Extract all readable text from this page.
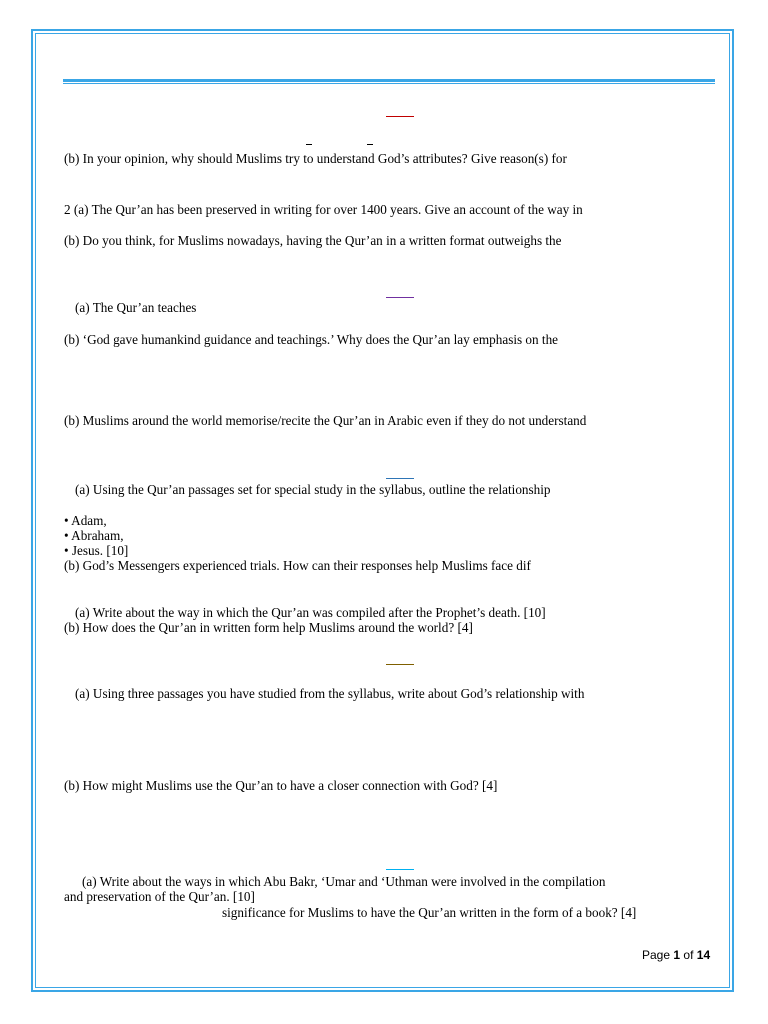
(b) In your opinion, why should Muslims try to understand God’s attributes? Give reason(s) for
2 (a) The Qur’an has been preserved in writing for over 1400 years. Give an account of the way in
(b) Do you think, for Muslims nowadays, having the Qur’an in a written format outweighs the
(a) The Qur’an teaches
(b) ‘God gave humankind guidance and teachings.’ Why does the Qur’an lay emphasis on the
(b) Muslims around the world memorise/recite the Qur’an in Arabic even if they do not understand
(a) Using the Qur’an passages set for special study in the syllabus, outline the relationship
• Adam,
• Abraham,
• Jesus. [10]
(b) God’s Messengers experienced trials. How can their responses help Muslims face dif
(a) Write about the way in which the Qur’an was compiled after the Prophet’s death. [10]
(b) How does the Qur’an in written form help Muslims around the world? [4]
(a) Using three passages you have studied from the syllabus, write about God’s relationship with
(b) How might Muslims use the Qur’an to have a closer connection with God? [4]
(a) Write about the ways in which Abu Bakr, ‘Umar and ‘Uthman were involved in the compilation
and preservation of the Qur’an. [10]
significance for Muslims to have the Qur’an written in the form of a book? [4]
Page 1 of 14
